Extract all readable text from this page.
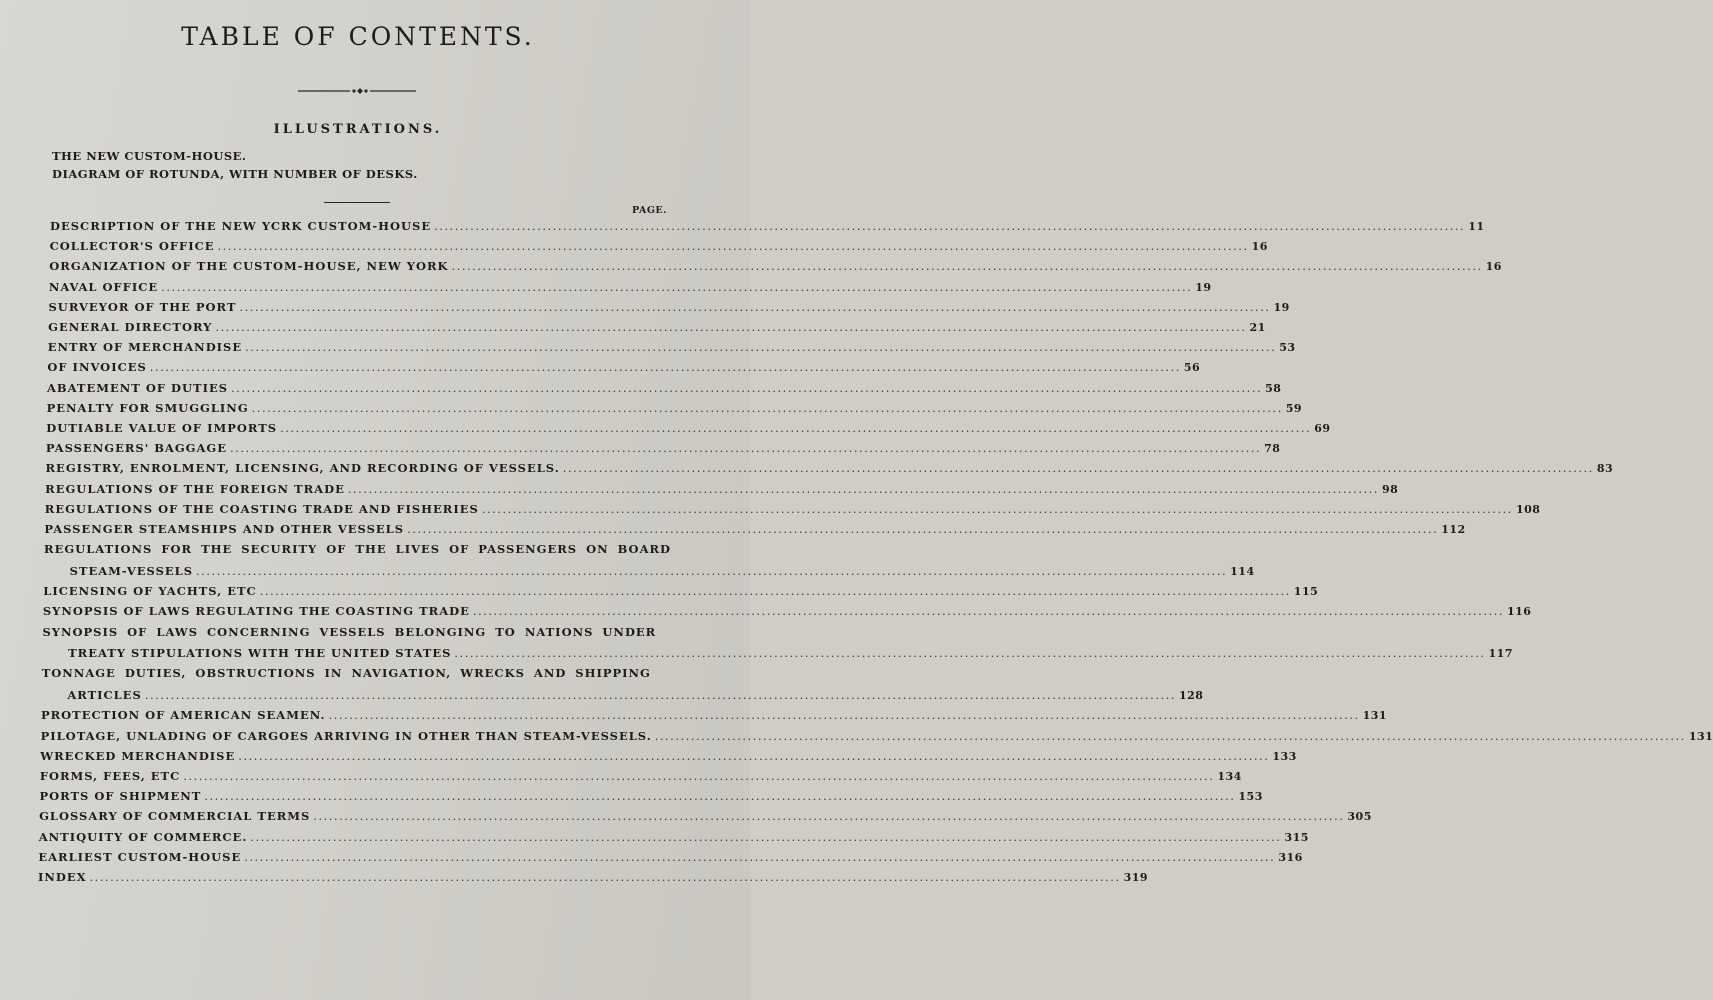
TABLE OF CONTENTS.
ILLUSTRATIONS.
THE NEW CUSTOM-HOUSE.
DIAGRAM OF ROTUNDA, WITH NUMBER OF DESKS.
PAGE.
DESCRIPTION OF THE NEW YCRK CUSTOM-HOUSE ........................................................................................................................................................................................................ 11
COLLECTOR'S OFFICE ........................................................................................................................................................................................................ 16
ORGANIZATION OF THE CUSTOM-HOUSE, NEW YORK ........................................................................................................................................................................................................ 16
NAVAL OFFICE ........................................................................................................................................................................................................ 19
SURVEYOR OF THE PORT ........................................................................................................................................................................................................ 19
GENERAL DIRECTORY ........................................................................................................................................................................................................ 21
ENTRY OF MERCHANDISE ........................................................................................................................................................................................................ 53
OF INVOICES ........................................................................................................................................................................................................ 56
ABATEMENT OF DUTIES ........................................................................................................................................................................................................ 58
PENALTY FOR SMUGGLING ........................................................................................................................................................................................................ 59
DUTIABLE VALUE OF IMPORTS ........................................................................................................................................................................................................ 69
PASSENGERS' BAGGAGE ........................................................................................................................................................................................................ 78
REGISTRY, ENROLMENT, LICENSING, AND RECORDING OF VESSELS. ........................................................................................................................................................................................................ 83
REGULATIONS OF THE FOREIGN TRADE ........................................................................................................................................................................................................ 98
REGULATIONS OF THE COASTING TRADE AND FISHERIES ........................................................................................................................................................................................................ 108
PASSENGER STEAMSHIPS AND OTHER VESSELS ........................................................................................................................................................................................................ 112
REGULATIONS FOR THE SECURITY OF THE LIVES OF PASSENGERS ON BOARD
STEAM-VESSELS ........................................................................................................................................................................................................ 114
LICENSING OF YACHTS, ETC ........................................................................................................................................................................................................ 115
SYNOPSIS OF LAWS REGULATING THE COASTING TRADE ........................................................................................................................................................................................................ 116
SYNOPSIS OF LAWS CONCERNING VESSELS BELONGING TO NATIONS UNDER
TREATY STIPULATIONS WITH THE UNITED STATES ........................................................................................................................................................................................................ 117
TONNAGE DUTIES, OBSTRUCTIONS IN NAVIGATION, WRECKS AND SHIPPING
ARTICLES ........................................................................................................................................................................................................ 128
PROTECTION OF AMERICAN SEAMEN. ........................................................................................................................................................................................................ 131
PILOTAGE, UNLADING OF CARGOES ARRIVING IN OTHER THAN STEAM-VESSELS. ........................................................................................................................................................................................................ 131
WRECKED MERCHANDISE ........................................................................................................................................................................................................ 133
FORMS, FEES, ETC ........................................................................................................................................................................................................ 134
PORTS OF SHIPMENT ........................................................................................................................................................................................................ 153
GLOSSARY OF COMMERCIAL TERMS ........................................................................................................................................................................................................ 305
ANTIQUITY OF COMMERCE. ........................................................................................................................................................................................................ 315
EARLIEST CUSTOM-HOUSE ........................................................................................................................................................................................................ 316
INDEX ........................................................................................................................................................................................................ 319
